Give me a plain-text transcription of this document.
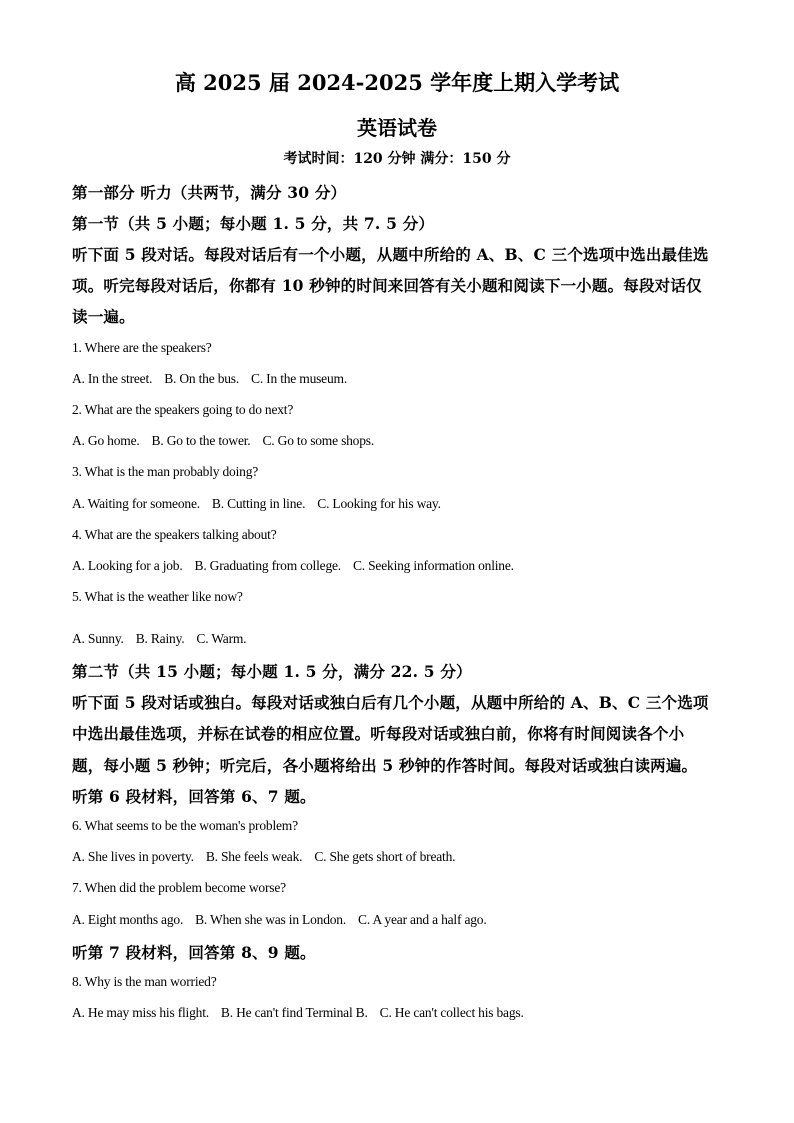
高 2025 届 2024-2025 学年度上期入学考试
英语试卷
考试时间：120 分钟 满分：150 分
第一部分 听力（共两节，满分 30 分）
第一节（共 5 小题；每小题 1. 5 分，共 7. 5 分）
听下面 5 段对话。每段对话后有一个小题，从题中所给的 A、B、C 三个选项中选出最佳选
项。听完每段对话后，你都有 10 秒钟的时间来回答有关小题和阅读下一小题。每段对话仅
读一遍。
1. Where are the speakers?
A. In the street. B. On the bus. C. In the museum.
2. What are the speakers going to do next?
A. Go home. B. Go to the tower. C. Go to some shops.
3. What is the man probably doing?
A. Waiting for someone. B. Cutting in line. C. Looking for his way.
4. What are the speakers talking about?
A. Looking for a job. B. Graduating from college. C. Seeking information online.
5. What is the weather like now?
A. Sunny. B. Rainy. C. Warm.
第二节（共 15 小题；每小题 1. 5 分，满分 22. 5 分）
听下面 5 段对话或独白。每段对话或独白后有几个小题，从题中所给的 A、B、C 三个选项
中选出最佳选项，并标在试卷的相应位置。听每段对话或独白前，你将有时间阅读各个小
题，每小题 5 秒钟；听完后，各小题将给出 5 秒钟的作答时间。每段对话或独白读两遍。
听第 6 段材料，回答第 6、7 题。
6. What seems to be the woman's problem?
A. She lives in poverty. B. She feels weak. C. She gets short of breath.
7. When did the problem become worse?
A. Eight months ago. B. When she was in London. C. A year and a half ago.
听第 7 段材料，回答第 8、9 题。
8. Why is the man worried?
A. He may miss his flight. B. He can't find Terminal B. C. He can't collect his bags.
